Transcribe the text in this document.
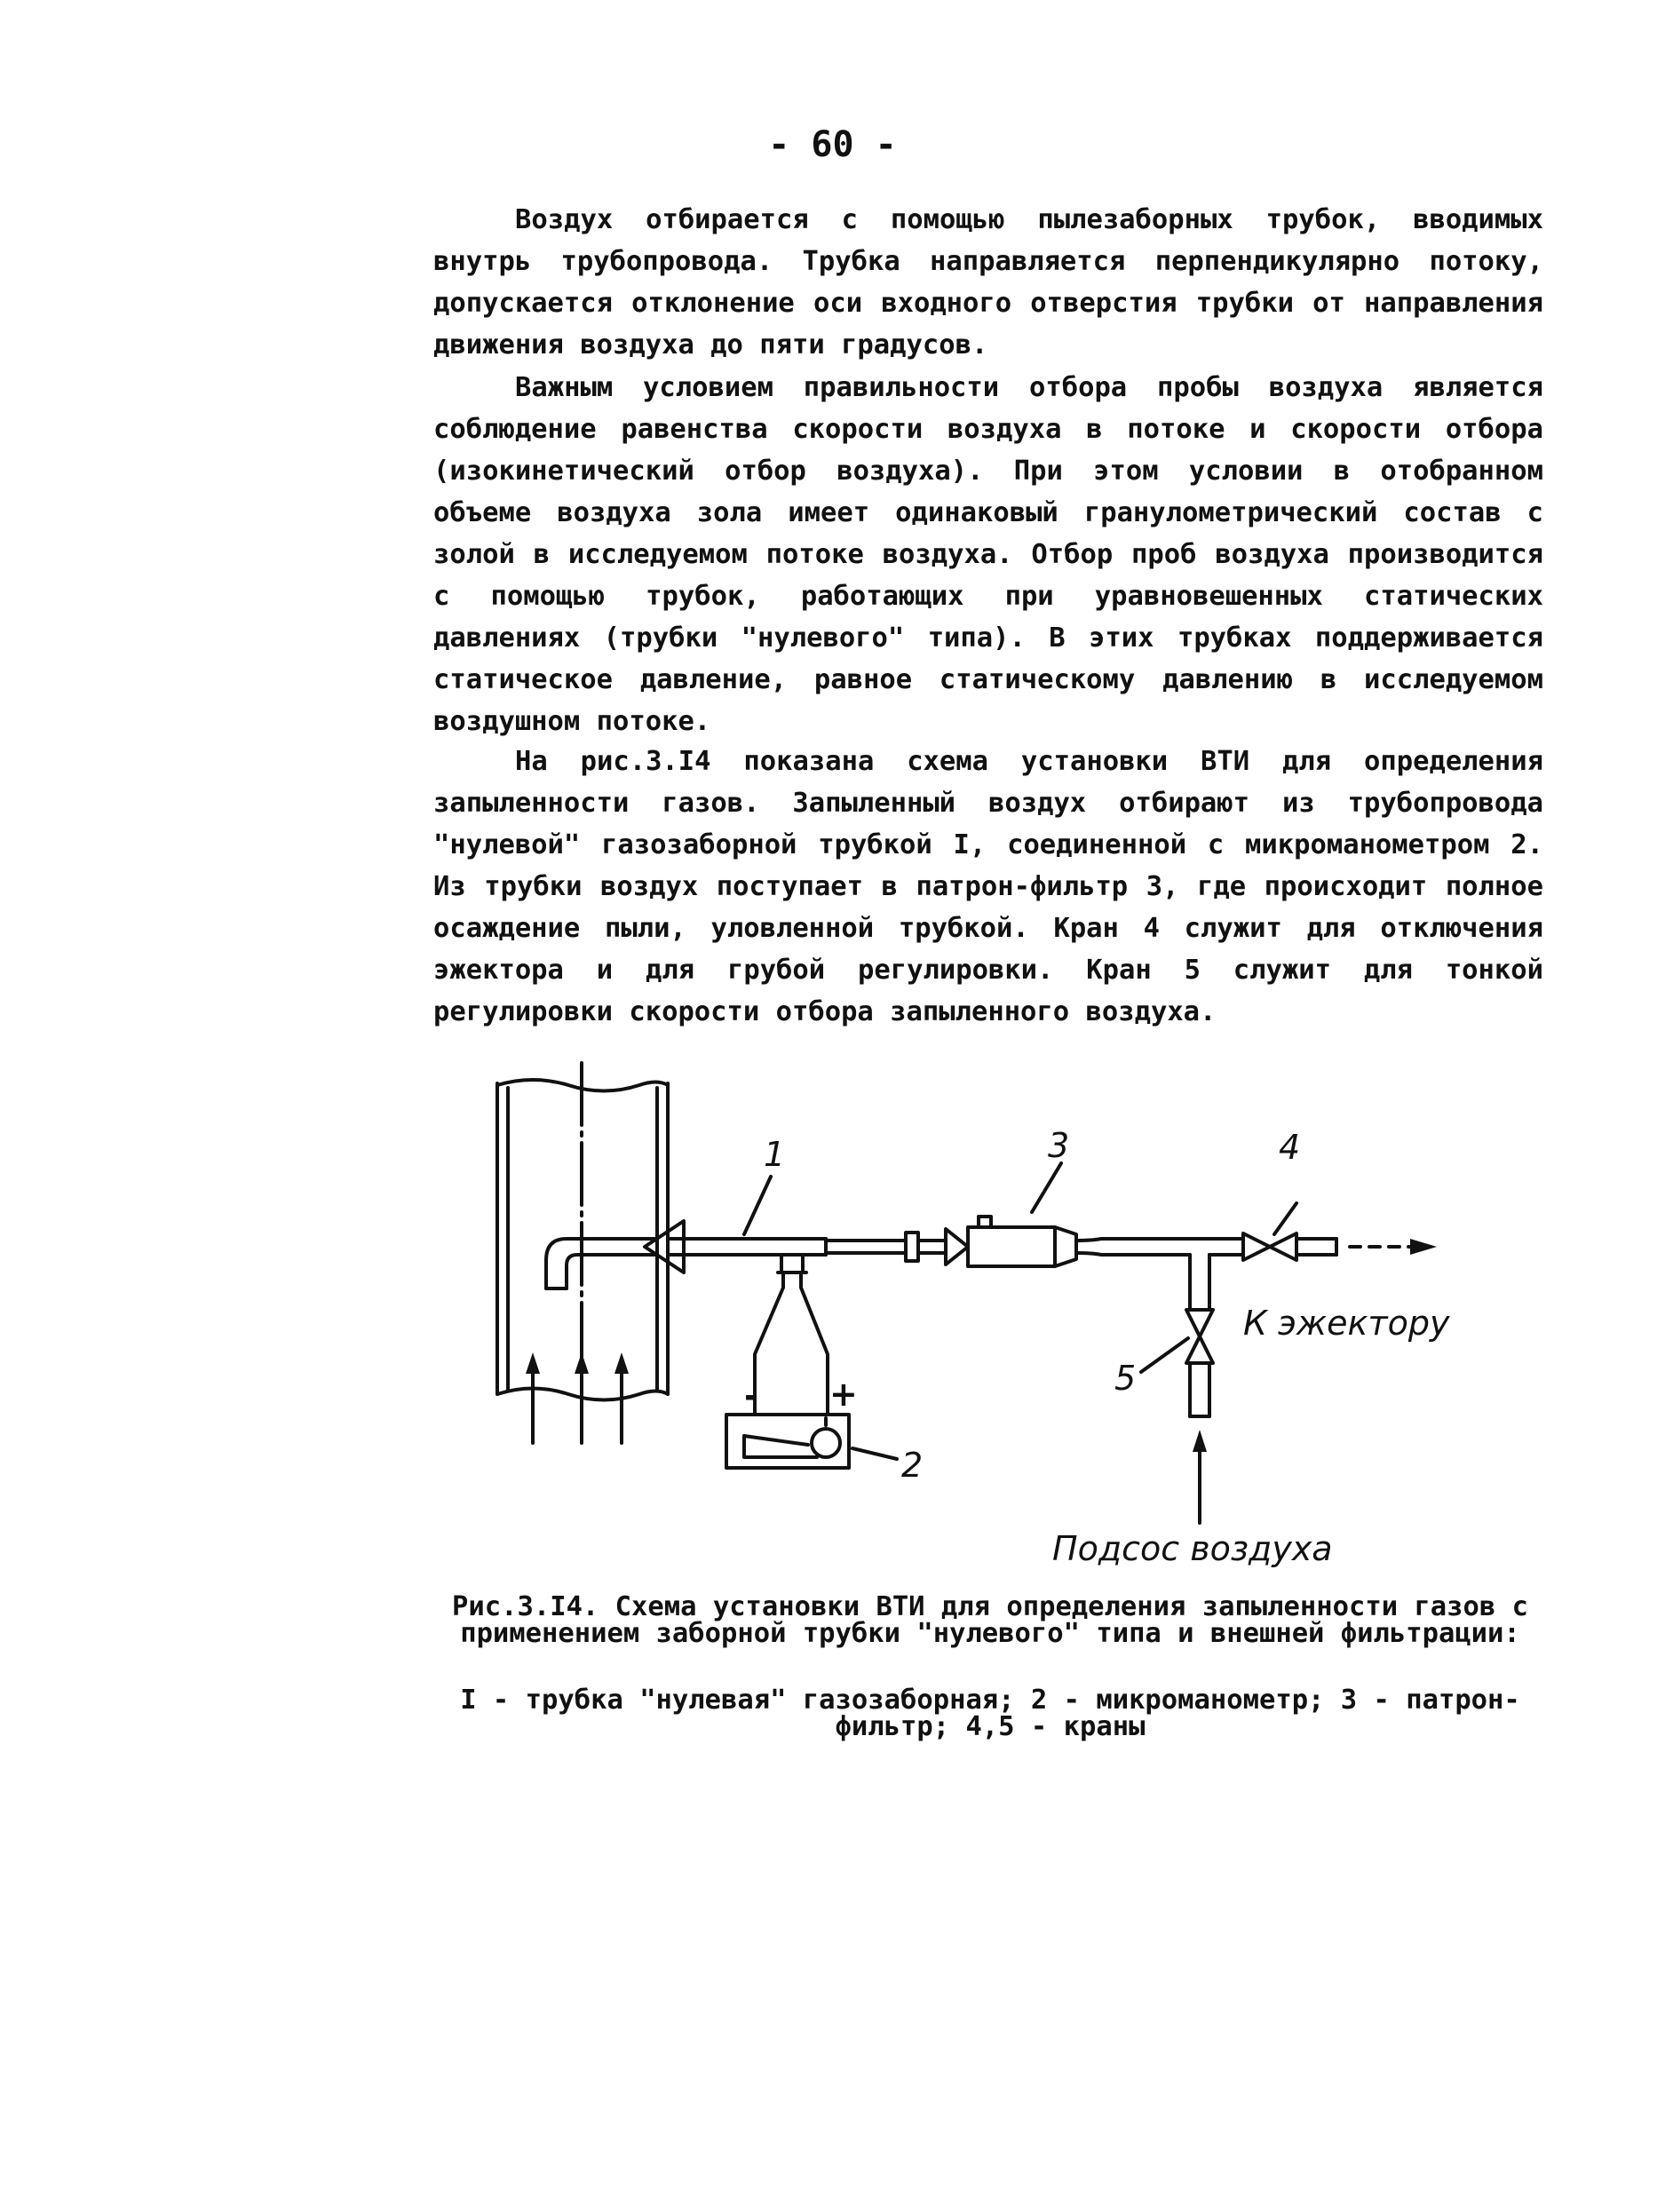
- 60 -

Воздух отбирается с помощью пылезаборных трубок, вводимых внутрь трубопровода. Трубка направляется перпендикулярно потоку, допускается отклонение оси входного отверстия трубки от направления движения воздуха до пяти градусов.

Важным условием правильности отбора пробы воздуха является соблюдение равенства скорости воздуха в потоке и скорости отбора (изокинетический отбор воздуха). При этом условии в отобранном объеме воздуха зола имеет одинаковый гранулометрический состав с золой в исследуемом потоке воздуха. Отбор проб воздуха производится с помощью трубок, работающих при уравновешенных статических давлениях (трубки "нулевого" типа). В этих трубках поддерживается статическое давление, равное статическому давлению в исследуемом воздушном потоке.

На рис.3.I4 показана схема установки ВТИ для определения запыленности газов. Запыленный воздух отбирают из трубопровода "нулевой" газозаборной трубкой I, соединенной с микроманометром 2. Из трубки воздух поступает в патрон-фильтр 3, где происходит полное осаждение пыли, уловленной трубкой. Кран 4 служит для отключения эжектора и для грубой регулировки. Кран 5 служит для тонкой регулировки скорости отбора запыленного воздуха.

1	3	4
5
2
К эжектору
Подсос воздуха
- +
Рис.3.I4. Схема установки ВТИ для определения запыленности газов с применением заборной трубки "нулевого" типа и внешней фильтрации:
I - трубка "нулевая" газозаборная; 2 - микроманометр; 3 - патрон-фильтр; 4,5 - краны
